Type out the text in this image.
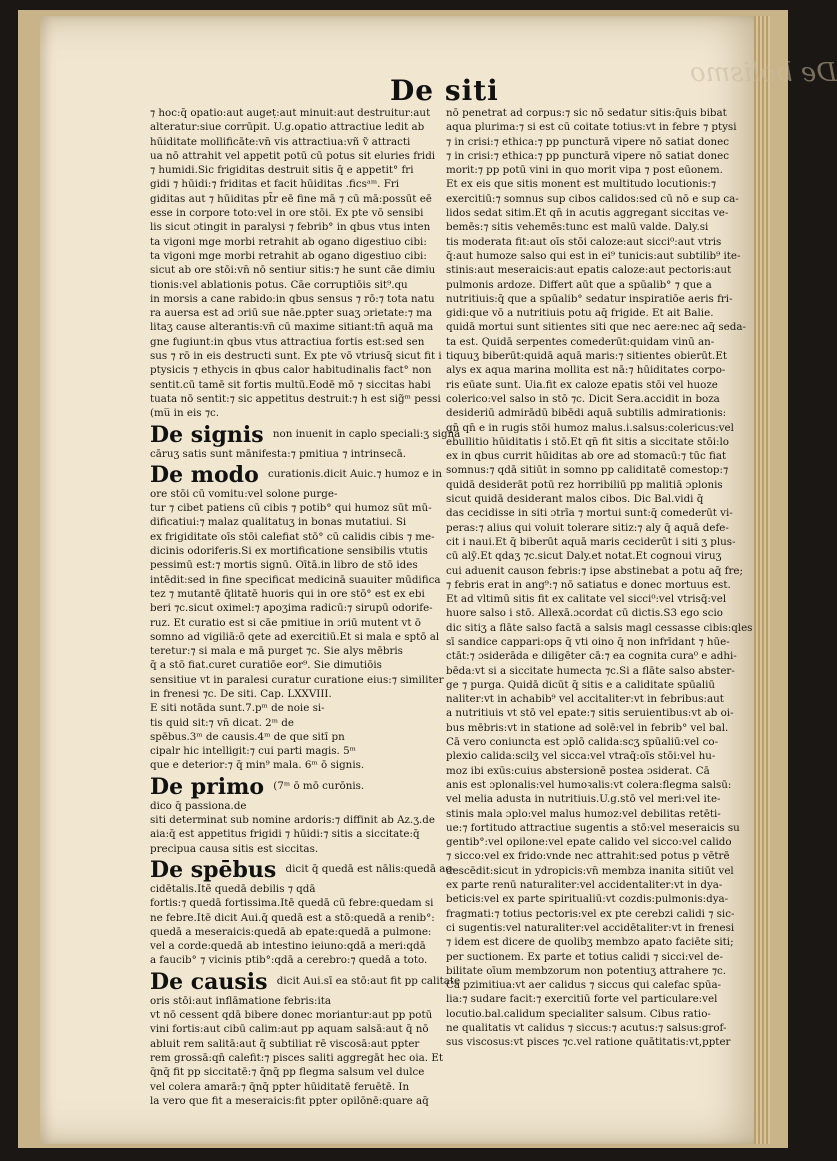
De bolismo
De siti
⁊ hoc:q̄ opatio:aut augeṭ:aut minuit:aut destruitur:aut
alteratur:siue corrūpit. U.g.opatio attractiue ledit ab
hūiditate mollificāte:vn̄ vis attractiua:vñ ṽ attracti
ua nō attrahit vel appetit potū cū potus sit eluries fridi
⁊ humidi.Sic frigiditas destruit sitis q̄ e appetit° fri
gidi ⁊ hūidi:⁊ friditas et facit hūiditas .ficsᵃᵐ. Fri
giditas aut ⁊ hūiditas pt̄r eē fine mā ⁊ cū mā:possūt eē
esse in corpore toto:vel in ore stōi. Ex pte vō sensibi
lis sicut ɔtingit in paralysi ⁊ febrib° in qbus vtus inten
ta vigoni mge morbi retrahit ab ogano digestiuo cibi:
ta vigoni mge morbi retrahit ab ogano digestiuo cibi:
sicut ab ore stōi:vn̄ nō sentiur sitis:⁊ he sunt cāe dimiu
tionis:vel ablationis potus. Cāe corruptiōis sit⁹.qu
in morsis a cane rabido:in qbus sensus ⁊ rō:⁊ tota natu
ra auersa est ad ɔriū sue nāe.ppter suaʒ ɔrietate:⁊ ma
litaʒ cause alterantis:vn̄ cū maxime sitiant:tn̄ aquā ma
gne fugiunt:in qbus vtus attractiua fortis est:sed sen
sus ⁊ rō in eis destructi sunt. Ex pte vō vtriusq̄ sicut fit i
ptysicis ⁊ ethycis in qbus calor habitudinalis fact° non
sentit.cū tamē sit fortis multū.Eodē mō ⁊ siccitas habi
tuata nō sentit:⁊ sic appetitus destruit:⁊ h est sig̃ᵐ pessi
(mu̅ in eis ⁊c.
De signis non inuenit in caplo speciali:ʒ signa
cāruʒ satis sunt mānifesta:⁊ pmitiua ⁊ intrinsecā.
De modo curationis.dicit Auic.⁊ humoz e in
ore stōi cū vomitu:vel solone purge-
tur ⁊ cibet patiens cū cibis ⁊ potib° qui humoz sūt mū-
dificatiui:⁊ malaz qualitatuʒ in bonas mutatiui. Si
ex frigiditate oīs stōi calefiat stō° cū calidis cibis ⁊ me-
dicinis odoriferis.Si ex mortificatione sensibilis vtutis
pessimū est:⁊ mortis signū. Oītā.in libro de stō ides
intēdit:sed in fine specificat medicinā suauiter mūdifica
tez ⁊ mutantē q̄litatē huoris qui in ore stō° est ex ebi
beri ⁊c.sicut oximel:⁊ apoʒima radicū:⁊ sirupū odorife-
ruz. Et curatio est si cāe pmitiue in ɔriū mutent vt ō
somno ad vigiliā:ō qete ad exercitiū.Et si mala e sptō al
teretur:⁊ si mala e mā purget ⁊c. Sie alys mēbris
q̄ a stō fiat.curet curatiōe eor⁹. Sie dimutiōis
sensitiue vt in paralesi curatur curatione eius:⁊ similiter
in frenesi ⁊c. De siti. Cap. LXXVIII.
E siti notāda sunt.7.pᵐ de noie si-
tis quid sit:⁊ vn̄ dicat. 2ᵐ de
spēbus.3ᵐ de causis.4ᵐ de que sitī pn
cipalr hic intelligit:⁊ cui parti magis. 5ᵐ
que e deterior:⁊ q̄ min⁹ mala. 6ᵐ ō signis.
De primo (7ᵐ ō mō curōnis.
dico q̄ passiona.de
siti determinat sub nomine ardoris:⁊ diffinit ab Az.ʒ.de
aia:q̄ est appetitus frigidi ⁊ hūidi:⁊ sitis a siccitate:q̄
precipua causa sitis est siccitas.
De spēbus dicit q̄ quedā est nālis:quedā ac-
cidētalis.Itē quedā debilis ⁊ qdā
fortis:⁊ quedā fortissima.Itē quedā cū febre:quedam si
ne febre.Itē dicit Aui.q̄ quedā est a stō:quedā a renib°:
quedā a meseraicis:quedā ab epate:quedā a pulmone:
vel a corde:quedā ab intestino ieiuno:qdā a meri:qdā
a faucib° ⁊ vicinis ptib°:qdā a cerebro:⁊ quedā a toto.
De causis dicit Aui.sī ea stō:aut fit pp calitate
oris stōi:aut inflāmatione febris:ita
vt nō cessent qdā bibere donec moriantur:aut pp potū
vini fortis:aut cibū calim:aut pp aquam salsā:aut q̄ nō
abluit rem salitā:aut q̄ subtiliat rē viscosā:aut ppter
rem grossā:qn̄ calefit:⁊ pisces saliti aggregāt hec oia. Et
q̄nq̄ fit pp siccitatē:⁊ q̄nq̄ pp flegma salsum vel dulce
vel colera amarā:⁊ q̄nq̄ ppter hūiditatē feruētē. In
la vero que fit a meseraicis:fit ppter opilōnē:quare aq̄
nō penetrat ad corpus:⁊ sic nō sedatur sitis:q̄uis bibat
aqua plurima:⁊ si est cū coitate totius:vt in febre ⁊ ptysi
⁊ in crisi:⁊ ethica:⁊ pp puncturā vipere nō satiat donec
⁊ in crisi:⁊ ethica:⁊ pp puncturā vipere nō satiat donec
morit:⁊ pp potū vini in quo morit vipa ⁊ post eūonem.
Et ex eis que sitis monent est multitudo locutionis:⁊
exercitiū:⁊ somnus sup cibos calidos:sed cū nō e sup ca-
lidos sedat sitim.Et qn̄ in acutis aggregant siccitas ve-
bemēs:⁊ sitis vehemēs:tunc est malū valde. Daly.si
tis moderata fit:aut oīs stōi caloze:aut sicci⁰:aut vtris
q̄:aut humoze salso qui est in ei⁹ tunicis:aut subtilib⁹ ite-
stinis:aut meseraicis:aut epatis caloze:aut pectoris:aut
pulmonis ardoze. Differt aūt que a spūalib° ⁊ que a
nutritiuis:q̄ que a spūalib° sedatur inspiratiōe aeris fri-
gidi:que vō a nutritiuis potu aq̄ frigide. Et ait Balie.
quidā mortui sunt sitientes siti que nec aere:nec aq̄ seda-
ta est. Quidā serpentes comederūt:quidam vinū an-
tiquuʒ biberūt:quidā aquā maris:⁊ sitientes obierūt.Et
alys ex aqua marina mollita est nā:⁊ hūiditates corpo-
ris eūate sunt. Uia.fit ex caloze epatis stōi vel huoze
colerico:vel salso in stō ⁊c. Dicit Sera.accidit in boza
desideriū admirādū bibēdi aquā subtilis admirationis:
qn̄ qn̄ e in rugis stōi humoz malus.i.salsus:colericus:vel
ebullitio hūiditatis i stō.Et qn̄ fit sitis a siccitate stōi:lo
ex in qbus currit hūiditas ab ore ad stomacū:⁊ tūc fiat
somnus:⁊ qdā sitiūt in somno pp caliditatē comestop:⁊
quidā desiderāt potū rez horribiliū pp malitiā ɔplonis
sicut quidā desiderant malos cibos. Dic Bal.vidi q̄
das cecidisse in siti ɔtrīa ⁊ mortui sunt:q̄ comederūt vi-
peras:⁊ alius qui voluit tolerare sitiz:⁊ aly q̄ aquā defe-
cit i naui.Et q̄ biberūt aquā maris ceciderūt i siti ʒ plus-
cū alȳ.Et qdaʒ ⁊c.sicut Daly.et notat.Et cognoui viruʒ
cui aduenit causon febris:⁊ ipse abstinebat a potu aq̄ fre;
⁊ febris erat in ang⁹:⁊ nō satiatus e donec mortuus est.
Et ad vltimū sitis fit ex calitate vel sicci⁰:vel vtrisq̄:vel
huore salso i stō. Allexā.ɔcordat cū dictis.S3 ego scio
dic sitiʒ a flāte salso factā a salsis magl cessasse cibis:qles
sī sandice cappari:ops q̄ vti oino q̄ non infrīdant ⁊ hūe-
ctāt:⁊ ɔsiderāda e diligēter cā:⁊ ea cognita cura⁰ e adhi-
bēda:vt si a siccitate humecta ⁊c.Si a flāte salso abster-
ge ⁊ purga. Quidā dicūt q̄ sitis e a caliditate spūaliū
naliter:vt in achabib⁹ vel accitaliter:vt in febribus:aut
a nutritiuis vt stō vel epate:⁊ sitis seruientibus:vt ab oi-
bus mēbris:vt in statione ad solē:vel in febrib° vel bal.
Cā vero coniuncta est ɔplō calida:scʒ spūaliū:vel co-
plexio calida:scilʒ vel sicca:vel vtraq̄:oīs stōi:vel hu-
moz ibi exūs:cuius abstersionē postea ɔsiderat. Cā
anis est ɔplonalis:vel humoꝛalis:vt colera:flegma salsū:
vel melia adusta in nutritiuis.U.g.stō vel meri:vel ite-
stinis mala ɔplo:vel malus humoz:vel debilitas retēti-
ue:⁊ fortitudo attractiue sugentis a stō:vel meseraicis su
gentib°:vel opilone:vel epate calido vel sicco:vel calido
⁊ sicco:vel ex frido:vnde nec attrahit:sed potus p vētrē
descēdit:sicut in ydropicis:vn̄ membza inanita sitiūt vel
ex parte renū naturaliter:vel accidentaliter:vt in dya-
beticis:vel ex parte spiritualiū:vt cozdis:pulmonis:dya-
fragmati:⁊ totius pectoris:vel ex pte cerebzi calidi ⁊ sic-
ci sugentis:vel naturaliter:vel accidētaliter:vt in frenesi
⁊ idem est dicere de quolibʒ membzo apato faciēte siti;
per suctionem. Ex parte et totius calidi ⁊ sicci:vel de-
bilitate oīum membzorum non potentiuʒ attrahere ⁊c.
Cā pzimitiua:vt aer calidus ⁊ siccus qui calefac spūa-
lia:⁊ sudare facit:⁊ exercitiū forte vel particulare:vel
locutio.bal.calidum specialiter salsum. Cibus ratio-
ne qualitatis vt calidus ⁊ siccus:⁊ acutus:⁊ salsus:grof-
sus viscosus:vt pisces ⁊c.vel ratione quātitatis:vt,ppter
